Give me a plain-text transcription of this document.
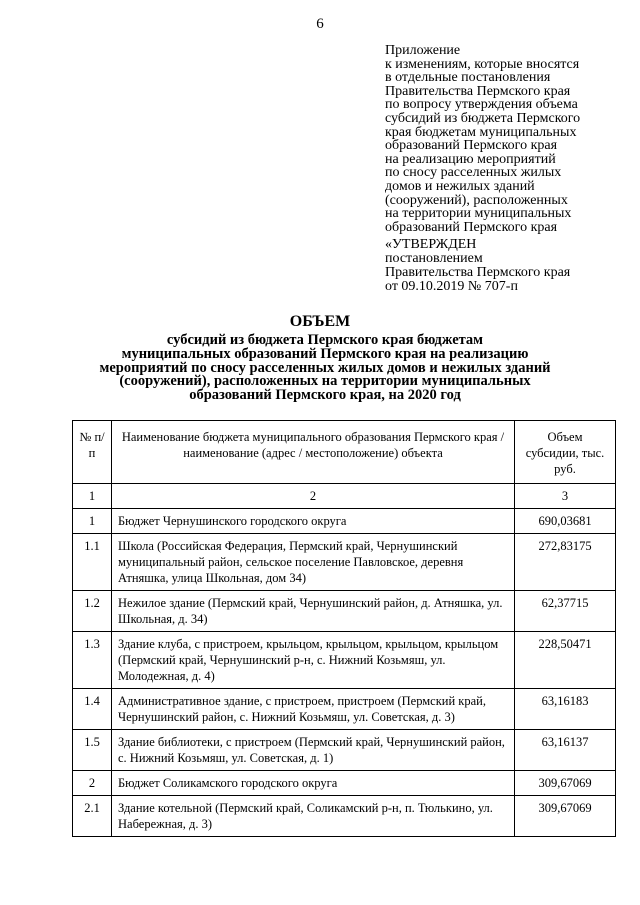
6
Приложение
к изменениям, которые вносятся
в отдельные постановления
Правительства Пермского края
по вопросу утверждения объема
субсидий из бюджета Пермского
края бюджетам муниципальных
образований Пермского края
на реализацию мероприятий
по сносу расселенных жилых
домов и нежилых зданий
(сооружений), расположенных
на территории муниципальных
образований Пермского края
«УТВЕРЖДЕН
постановлением
Правительства Пермского края
от 09.10.2019 № 707-п
ОБЪЕМ
субсидий из бюджета Пермского края бюджетам
муниципальных образований Пермского края на реализацию
мероприятий по сносу расселенных жилых домов и нежилых зданий
(сооружений), расположенных на территории муниципальных
образований Пермского края, на 2020 год
№ п/п	Наименование бюджета муниципального образования Пермского края / наименование (адрес / местоположение) объекта	Объем субсидии, тыс. руб.
1	2	3
1	Бюджет Чернушинского городского округа	690,03681
1.1	Школа (Российская Федерация, Пермский край, Чернушинский муниципальный район, сельское поселение Павловское, деревня Атняшка, улица Школьная, дом 34)	272,83175
1.2	Нежилое здание (Пермский край, Чернушинский район, д. Атняшка, ул. Школьная, д. 34)	62,37715
1.3	Здание клуба, с пристроем, крыльцом, крыльцом, крыльцом, крыльцом (Пермский край, Чернушинский р-н, с. Нижний Козьмяш, ул. Молодежная, д. 4)	228,50471
1.4	Административное здание, с пристроем, пристроем (Пермский край, Чернушинский район, с. Нижний Козьмяш, ул. Советская, д. 3)	63,16183
1.5	Здание библиотеки, с пристроем (Пермский край, Чернушинский район, с. Нижний Козьмяш, ул. Советская, д. 1)	63,16137
2	Бюджет Соликамского городского округа	309,67069
2.1	Здание котельной (Пермский край, Соликамский р-н, п. Тюлькино, ул. Набережная, д. 3)	309,67069
